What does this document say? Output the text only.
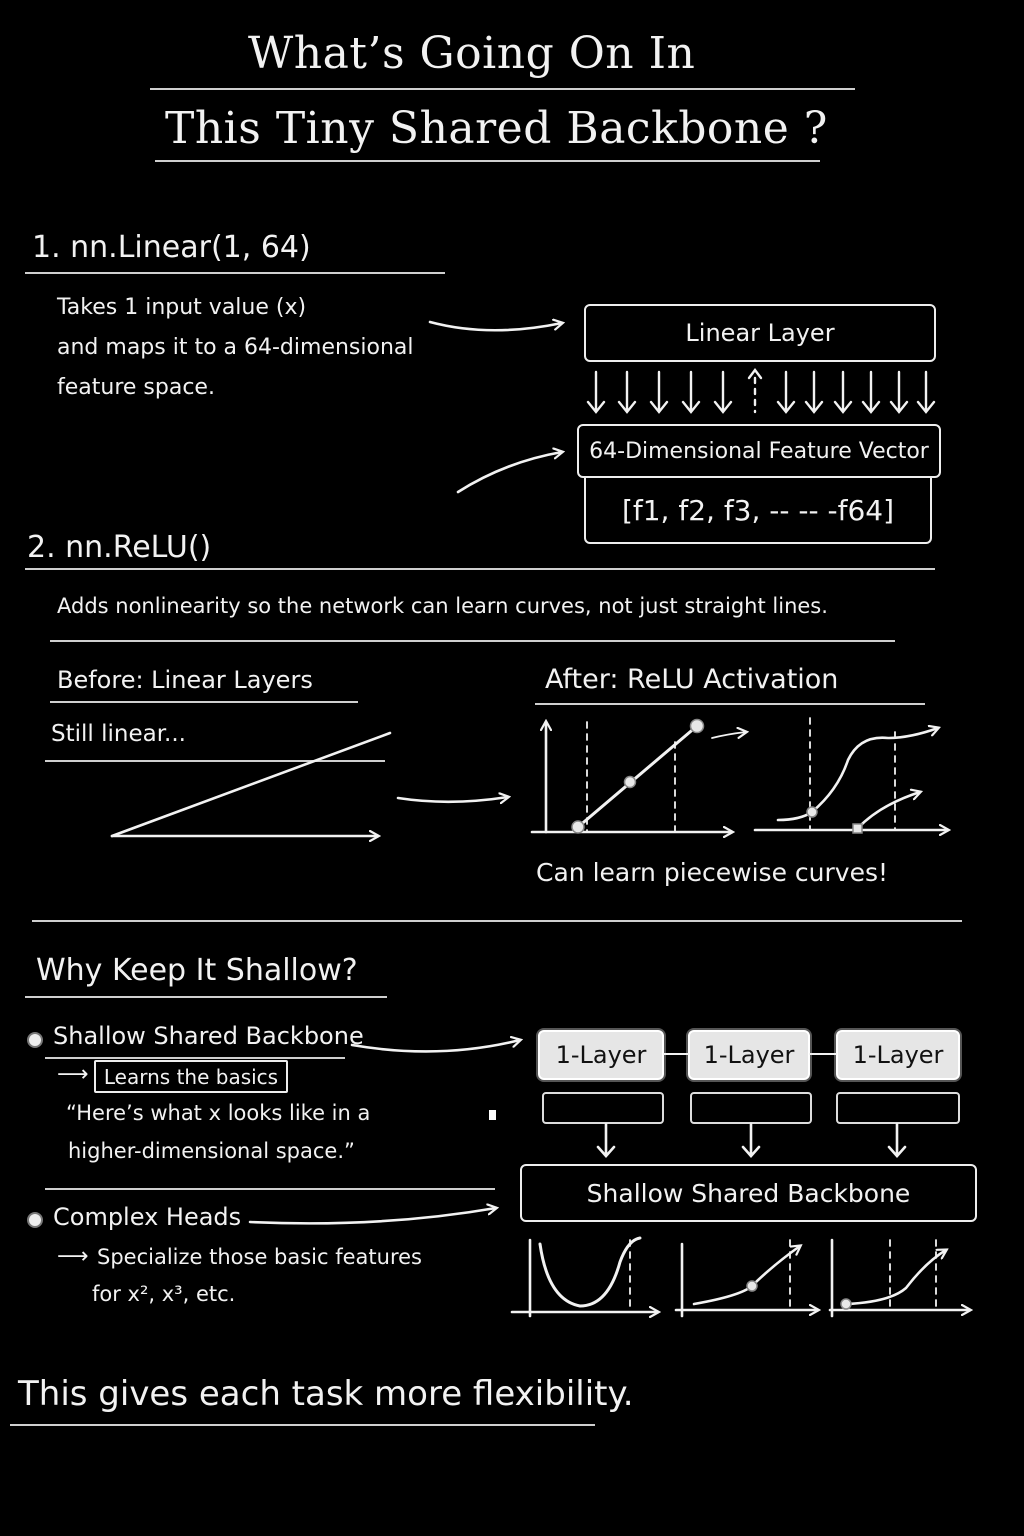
What’s Going On In
This Tiny Shared Backbone ?
1. nn.Linear(1, 64)
Takes 1 input value (x)
and maps it to a 64-dimensional
feature space.
Linear Layer
64-Dimensional Feature Vector
[f1, f2, f3, -- -- -f64]
2. nn.ReLU()
Adds nonlinearity so the network can learn curves, not just straight lines.
Before: Linear Layers
Still linear...
After: ReLU Activation
Can learn piecewise curves!
Why Keep It Shallow?
Shallow Shared Backbone
⟶ Learns the basics
“Here’s what x looks like in a
higher-dimensional space.”
Complex Heads
⟶ Specialize those basic features
for x², x³, etc.
1-Layer	1-Layer	1-Layer
Shallow Shared Backbone
This gives each task more flexibility.
